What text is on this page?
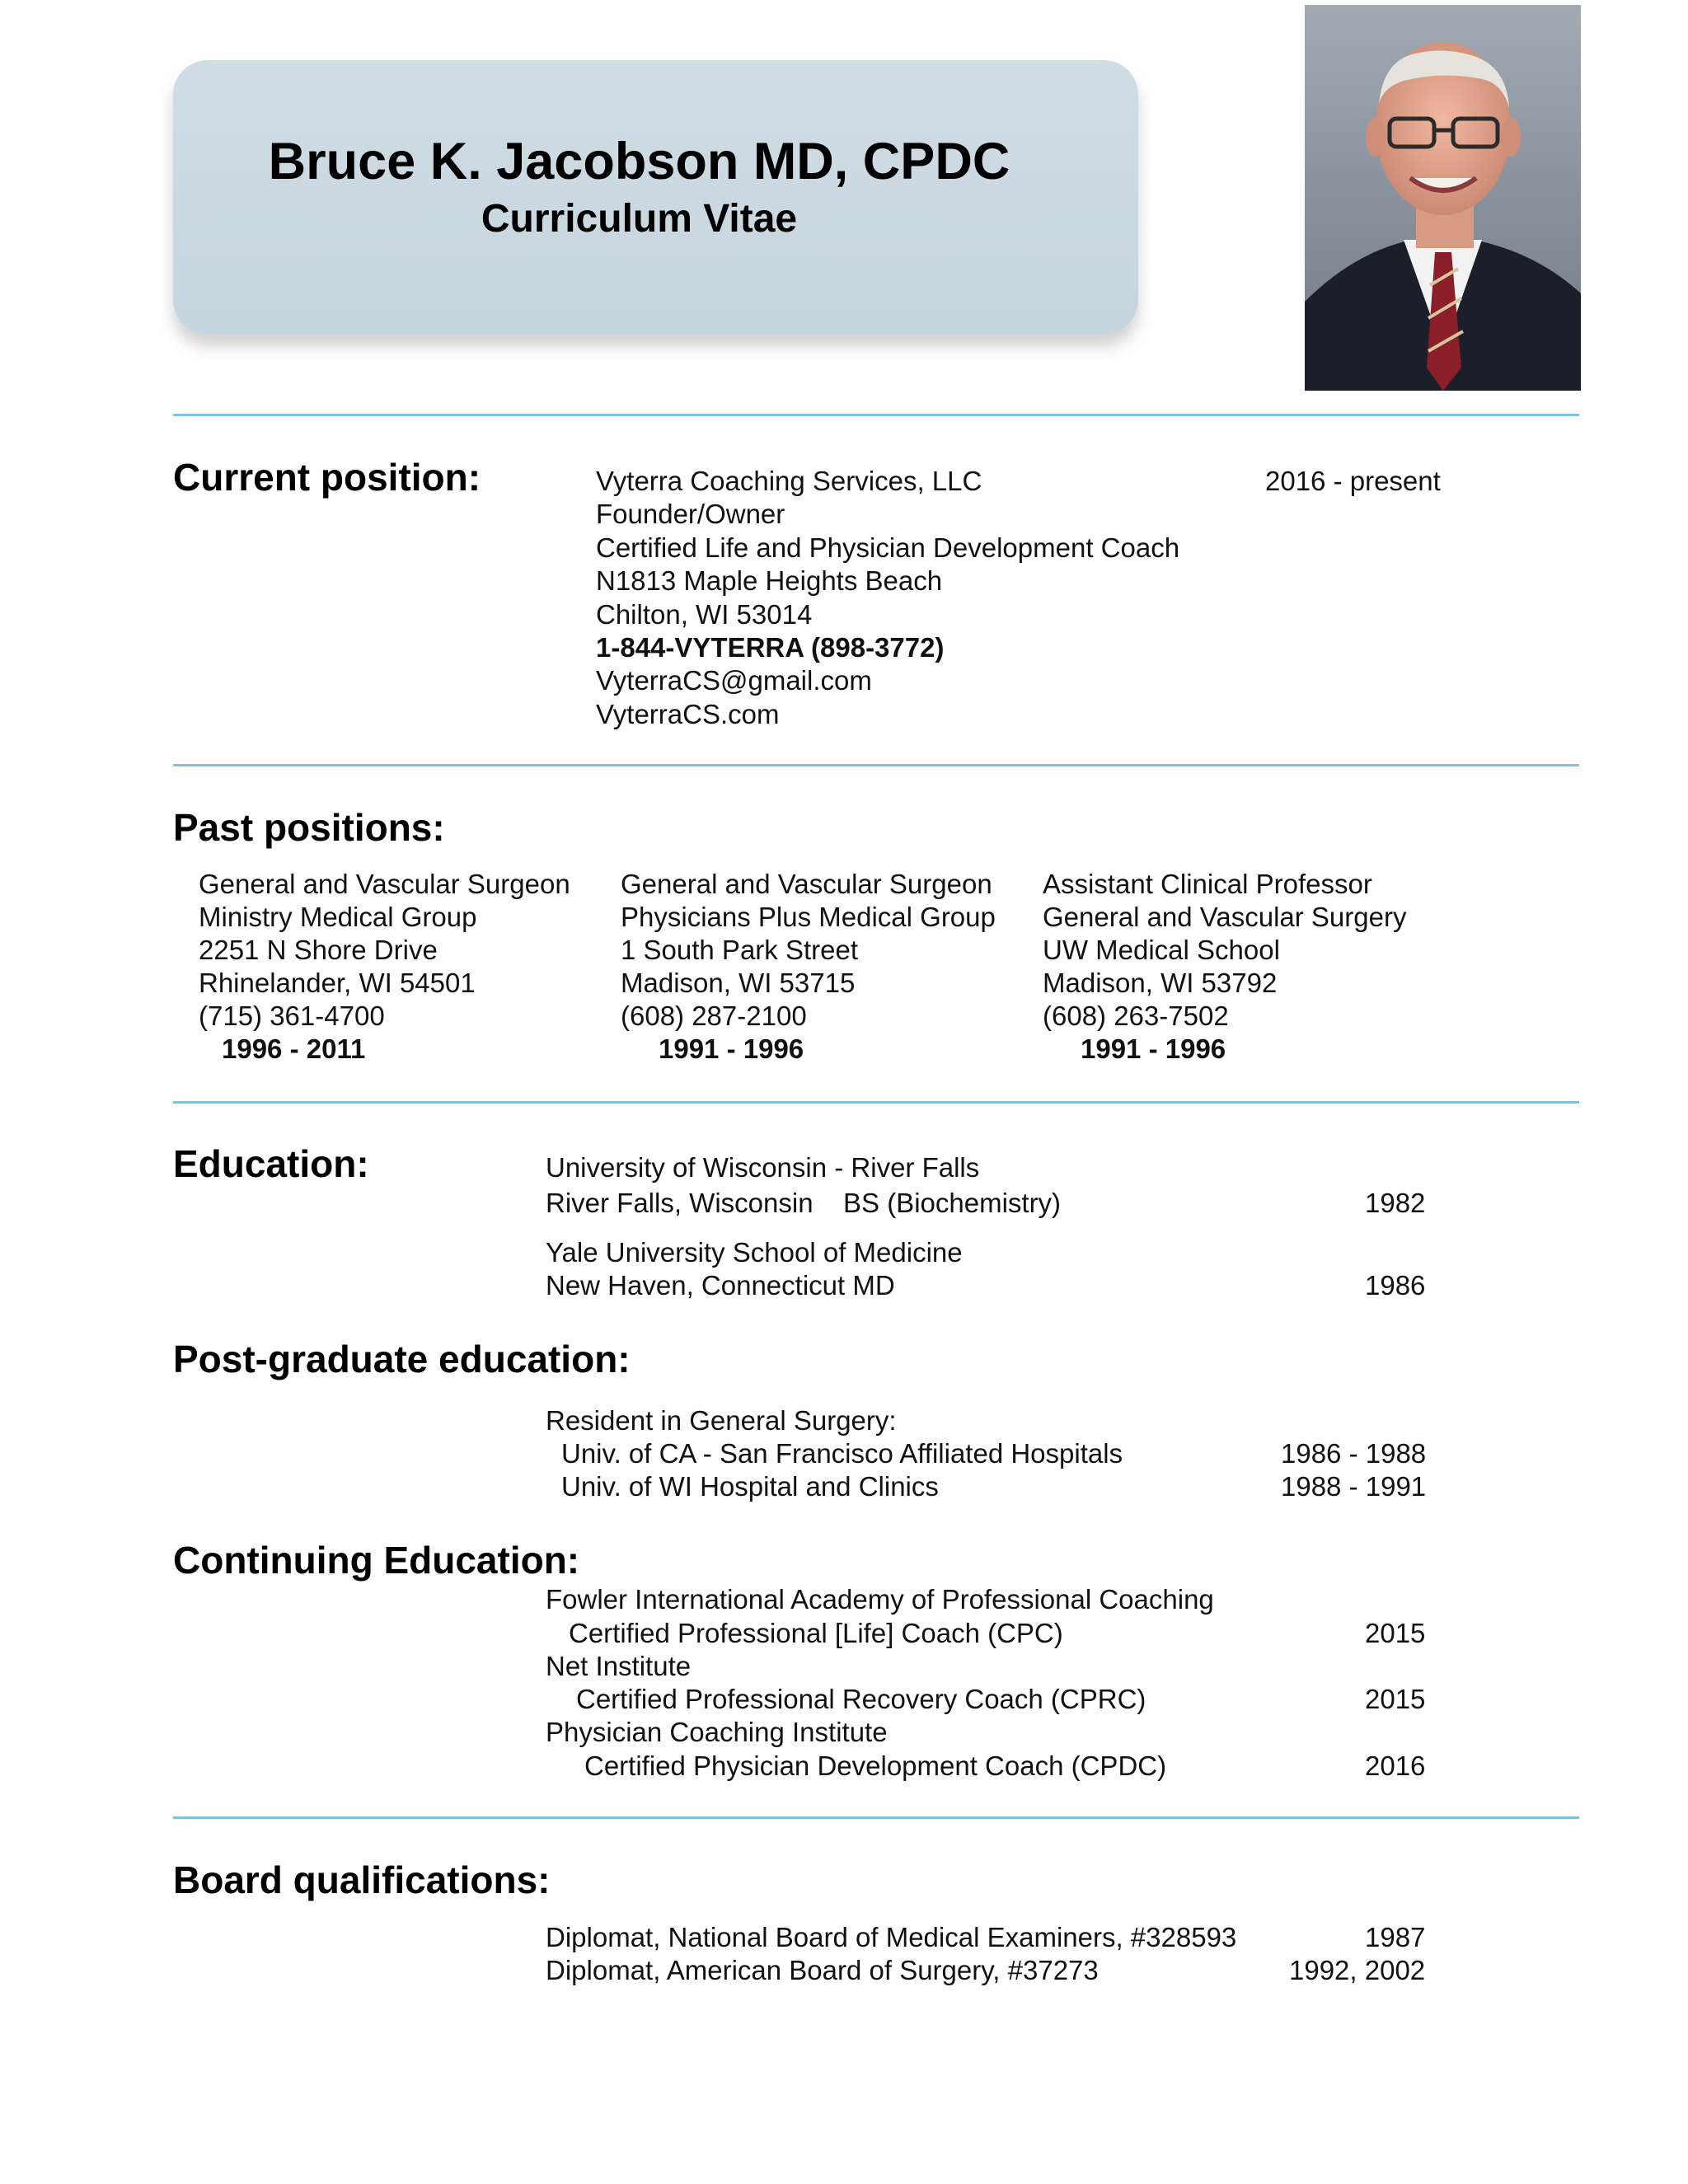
Bruce K. Jacobson MD, CPDC
Curriculum Vitae
Current position:	Vyterra Coaching Services, LLC
Founder/Owner
Certified Life and Physician Development Coach
N1813 Maple Heights Beach
Chilton, WI 53014
1-844-VYTERRA (898-3772)
VyterraCS@gmail.com
VyterraCS.com
2016 - present
Past positions:
General and Vascular Surgeon
Ministry Medical Group
2251 N Shore Drive
Rhinelander, WI 54501
(715) 361-4700
1996 - 2011
General and Vascular Surgeon
Physicians Plus Medical Group
1 South Park Street
Madison, WI 53715
(608) 287-2100
1991 - 1996
Assistant Clinical Professor
General and Vascular Surgery
UW Medical School
Madison, WI 53792
(608) 263-7502
1991 - 1996
Education:	University of Wisconsin - River Falls
River Falls, Wisconsin BS (Biochemistry)	1982
Yale University School of Medicine
New Haven, Connecticut MD	1986
Post-graduate education:
Resident in General Surgery:
Univ. of CA - San Francisco Affiliated Hospitals	1986 - 1988
Univ. of WI Hospital and Clinics	1988 - 1991
Continuing Education:
Fowler International Academy of Professional Coaching
Certified Professional [Life] Coach (CPC)	2015
Net Institute
Certified Professional Recovery Coach (CPRC)	2015
Physician Coaching Institute
Certified Physician Development Coach (CPDC)	2016
Board qualifications:
Diplomat, National Board of Medical Examiners, #328593	1987
Diplomat, American Board of Surgery, #37273	1992, 2002
